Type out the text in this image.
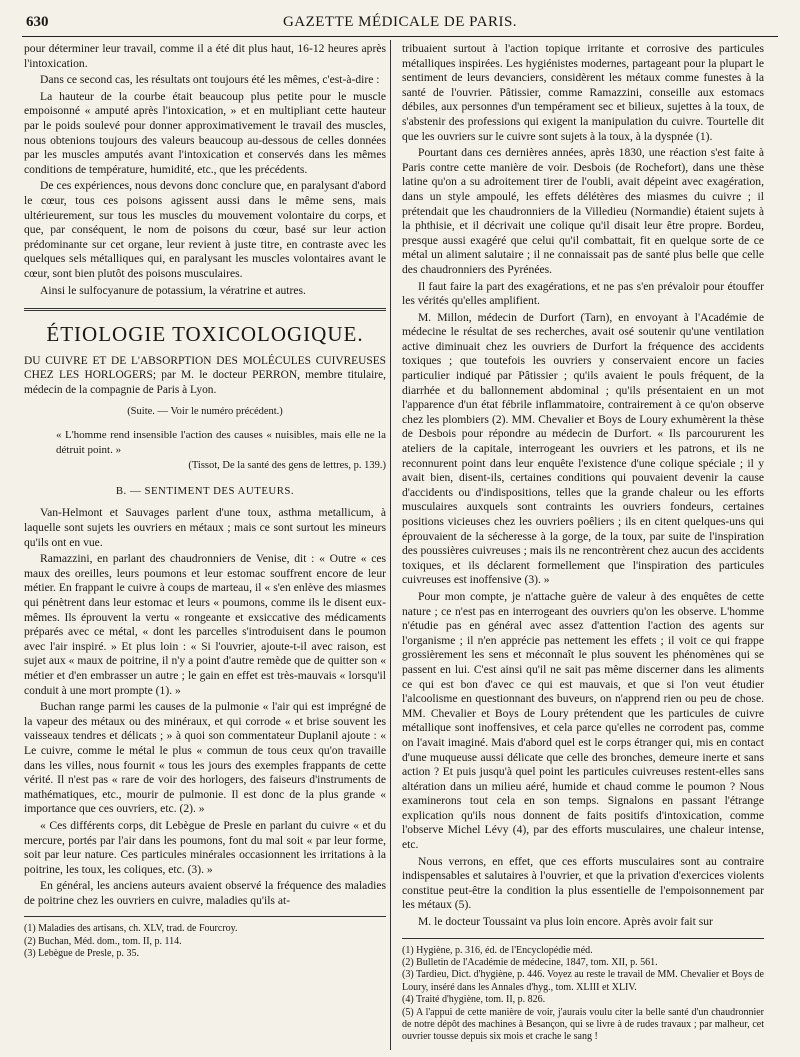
630	GAZETTE MÉDICALE DE PARIS.

pour déterminer leur travail, comme il a été dit plus haut, 16-12 heures après l'intoxication.

Dans ce second cas, les résultats ont toujours été les mêmes, c'est-à-dire :

La hauteur de la courbe était beaucoup plus petite pour le muscle empoisonné « amputé après l'intoxication, » et en multipliant cette hauteur par le poids soulevé pour donner approximativement le travail des muscles, nous obtenions toujours des valeurs beaucoup au-dessous de celles données par les muscles amputés avant l'intoxication et conservés dans les mêmes conditions de température, humidité, etc., que les précédents.

De ces expériences, nous devons donc conclure que, en paralysant d'abord le cœur, tous ces poisons agissent aussi dans le même sens, mais ultérieurement, sur tous les muscles du mouvement volontaire du corps, et que, par conséquent, le nom de poisons du cœur, basé sur leur action prédominante sur cet organe, leur revient à juste titre, en contraste avec les quelques sels métalliques qui, en paralysant les muscles volontaires avant le cœur, sont bien plutôt des poisons musculaires.

Ainsi le sulfocyanure de potassium, la vératrine et autres.

ÉTIOLOGIE TOXICOLOGIQUE.

DU CUIVRE ET DE L'ABSORPTION DES MOLÉCULES CUIVREUSES CHEZ LES HORLOGERS; par M. le docteur PERRON, membre titulaire, médecin de la compagnie de Paris à Lyon.

(Suite. — Voir le numéro précédent.)

« L'homme rend insensible l'action des causes « nuisibles, mais elle ne la détruit point. »

(Tissot, De la santé des gens de lettres, p. 139.)

B. — SENTIMENT DES AUTEURS.

Van-Helmont et Sauvages parlent d'une toux, asthma metallicum, à laquelle sont sujets les ouvriers en métaux ; mais ce sont surtout les mineurs qu'ils ont en vue.

Ramazzini, en parlant des chaudronniers de Venise, dit : « Outre « ces maux des oreilles, leurs poumons et leur estomac souffrent encore de leur métier. En frappant le cuivre à coups de marteau, il « s'en enlève des miasmes qui pénètrent dans leur estomac et leurs « poumons, comme ils le disent eux-mêmes. Ils éprouvent la vertu « rongeante et exsiccative des médicaments préparés avec ce métal, « dont les parcelles s'introduisent dans le poumon avec l'air inspiré. » Et plus loin : « Si l'ouvrier, ajoute-t-il avec raison, est sujet aux « maux de poitrine, il n'y a point d'autre remède que de quitter son « métier et d'en embrasser un autre ; le gain en effet est très-mauvais « lorsqu'il conduit à une mort prompte (1). »

Buchan range parmi les causes de la pulmonie « l'air qui est imprégné de la vapeur des métaux ou des minéraux, et qui corrode « et brise souvent les vaisseaux tendres et délicats ; » à quoi son commentateur Duplanil ajoute : « Le cuivre, comme le métal le plus « commun de tous ceux qu'on travaille dans les villes, nous fournit « tous les jours des exemples frappants de cette vérité. Il n'est pas « rare de voir des horlogers, des faiseurs d'instruments de mathématiques, etc., mourir de pulmonie. Il est donc de la plus grande « importance que ces ouvriers, etc. (2). »

« Ces différents corps, dit Lebègue de Presle en parlant du cuivre « et du mercure, portés par l'air dans les poumons, font du mal soit « par leur forme, soit par leur nature. Ces particules minérales occasionnent les irritations à la poitrine, les toux, les coliques, etc. (3). »

En général, les anciens auteurs avaient observé la fréquence des maladies de poitrine chez les ouvriers en cuivre, maladies qu'ils at-

(1) Maladies des artisans, ch. XLV, trad. de Fourcroy.

(2) Buchan, Méd. dom., tom. II, p. 114.

(3) Lebègue de Presle, p. 35.

tribuaient surtout à l'action topique irritante et corrosive des particules métalliques inspirées. Les hygiénistes modernes, partageant pour la plupart le sentiment de leurs devanciers, considèrent les métaux comme funestes à la santé de l'ouvrier. Pâtissier, comme Ramazzini, conseille aux estomacs débiles, aux personnes d'un tempérament sec et bilieux, sujettes à la toux, de s'abstenir des professions qui exigent la manipulation du cuivre. Tourtelle dit que les ouvriers sur le cuivre sont sujets à la toux, à la dyspnée (1).

Pourtant dans ces dernières années, après 1830, une réaction s'est faite à Paris contre cette manière de voir. Desbois (de Rochefort), dans une thèse latine qu'on a su adroitement tirer de l'oubli, avait dépeint avec exagération, dans un style ampoulé, les effets délétères des miasmes du cuivre ; il prétendait que les chaudronniers de la Villedieu (Normandie) étaient sujets à la phthisie, et il décrivait une colique qu'il disait leur être propre. Bordeu, presque aussi exagéré que celui qu'il combattait, fit en quelque sorte de ce métal un aliment salutaire ; il ne connaissait pas de santé plus belle que celle des chaudronniers des Pyrénées.

Il faut faire la part des exagérations, et ne pas s'en prévaloir pour étouffer les vérités qu'elles amplifient.

M. Millon, médecin de Durfort (Tarn), en envoyant à l'Académie de médecine le résultat de ses recherches, avait osé soutenir qu'une ventilation active diminuait chez les ouvriers de Durfort la fréquence des accidents toxiques ; que toutefois les ouvriers y conservaient encore un facies particulier indiqué par Pâtissier ; qu'ils avaient le pouls fréquent, de la diarrhée et du ballonnement abdominal ; qu'ils présentaient en un mot l'apparence d'un état fébrile inflammatoire, contrairement à ce qu'on observe chez les plombiers (2). MM. Chevalier et Boys de Loury exhumèrent la thèse de Desbois pour répondre au médecin de Durfort. « Ils parcoururent les ateliers de la capitale, interrogeant les ouvriers et les patrons, et ils ne reconnurent point dans leur enquête l'existence d'une colique spéciale ; il y avait bien, disent-ils, certaines conditions qui pouvaient devenir la cause d'accidents ou d'indispositions, telles que la grande chaleur ou les efforts musculaires auxquels sont contraints les ouvriers fondeurs, certaines positions vicieuses chez les ouvriers poêliers ; ils en citent quelques-uns qui éprouvaient de la sécheresse à la gorge, de la toux, par suite de l'inspiration des poussières cuivreuses ; mais ils ne rencontrèrent chez aucun des accidents toxiques, et ils déclarent formellement que l'inspiration des particules cuivreuses est inoffensive (3). »

Pour mon compte, je n'attache guère de valeur à des enquêtes de cette nature ; ce n'est pas en interrogeant des ouvriers qu'on les observe. L'homme n'étudie pas en général avec assez d'attention l'action des agents sur l'organisme ; il n'en apprécie pas nettement les effets ; il voit ce qui frappe grossièrement les sens et méconnaît le plus souvent les phénomènes qui se passent en lui. C'est ainsi qu'il ne sait pas même discerner dans les aliments ce qui est bon d'avec ce qui est mauvais, et que si l'on veut étudier l'alcoolisme en questionnant des buveurs, on n'apprend rien ou peu de chose. MM. Chevalier et Boys de Loury prétendent que les particules de cuivre métallique sont inoffensives, et cela parce qu'elles ne corrodent pas, comme on l'avait imaginé. Mais d'abord quel est le corps étranger qui, mis en contact d'une muqueuse aussi délicate que celle des bronches, demeure inerte et sans action ? Et puis jusqu'à quel point les particules cuivreuses restent-elles sans altération dans un milieu aéré, humide et chaud comme le poumon ? Nous examinerons tout cela en son temps. Signalons en passant l'étrange explication qu'ils nous donnent de faits positifs d'intoxication, comme l'observe Michel Lévy (4), par des efforts musculaires, une chaleur intense, etc.

Nous verrons, en effet, que ces efforts musculaires sont au contraire indispensables et salutaires à l'ouvrier, et que la privation d'exercices violents constitue peut-être la condition la plus essentielle de l'empoisonnement par les métaux (5).

M. le docteur Toussaint va plus loin encore. Après avoir fait sur

(1) Hygiène, p. 316, éd. de l'Encyclopédie méd.

(2) Bulletin de l'Académie de médecine, 1847, tom. XII, p. 561.

(3) Tardieu, Dict. d'hygiène, p. 446. Voyez au reste le travail de MM. Chevalier et Boys de Loury, inséré dans les Annales d'hyg., tom. XLIII et XLIV.

(4) Traité d'hygiène, tom. II, p. 826.

(5) A l'appui de cette manière de voir, j'aurais voulu citer la belle santé d'un chaudronnier de notre dépôt des machines à Besançon, qui se livre à de rudes travaux ; par malheur, cet ouvrier tousse depuis six mois et crache le sang !
